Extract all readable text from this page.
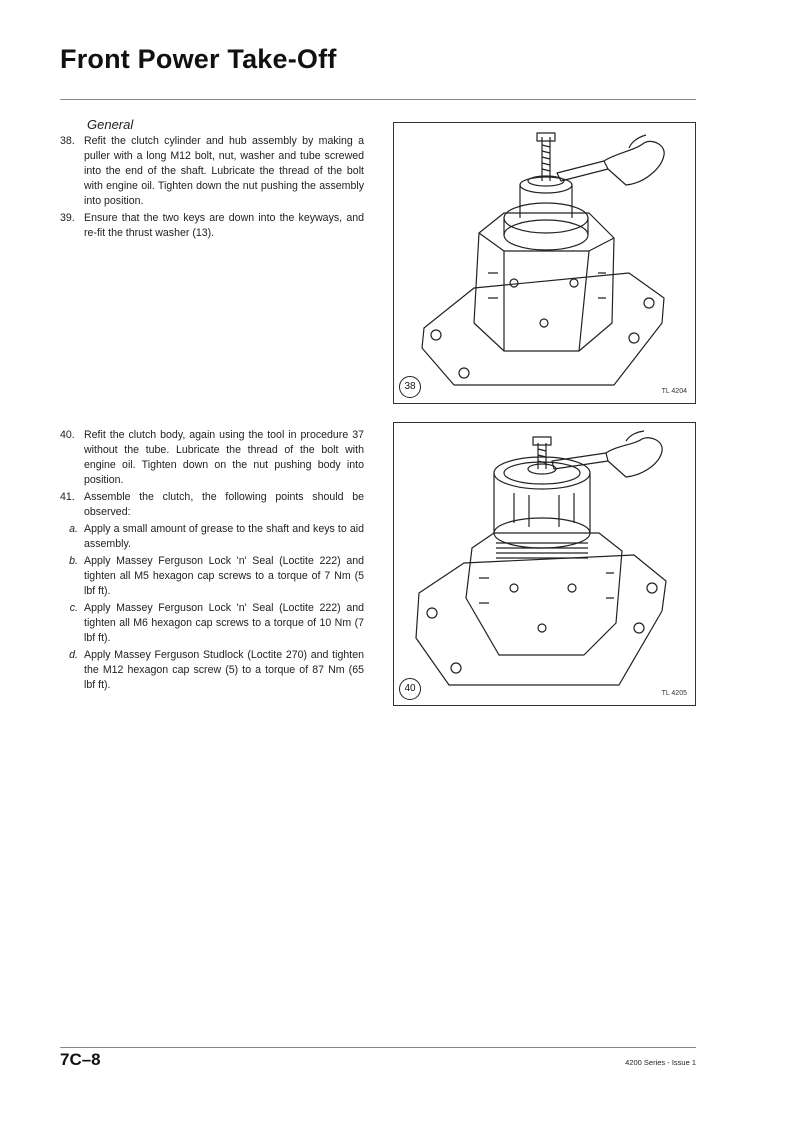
Front Power Take-Off
General
38. Refit the clutch cylinder and hub assembly by making a puller with a long M12 bolt, nut, washer and tube screwed into the end of the shaft. Lubricate the thread of the bolt with engine oil. Tighten down the nut pushing the assembly into position.
39. Ensure that the two keys are down into the keyways, and re-fit the thrust washer (13).
38	TL 4204
40. Refit the clutch body, again using the tool in procedure 37 without the tube. Lubricate the thread of the bolt with engine oil. Tighten down on the nut pushing body into position.
41. Assemble the clutch, the following points should be observed:
a. Apply a small amount of grease to the shaft and keys to aid assembly.
b. Apply Massey Ferguson Lock 'n' Seal (Loctite 222) and tighten all M5 hexagon cap screws to a torque of 7 Nm (5 lbf ft).
c. Apply Massey Ferguson Lock 'n' Seal (Loctite 222) and tighten all M6 hexagon cap screws to a torque of 10 Nm (7 lbf ft).
d. Apply Massey Ferguson Studlock (Loctite 270) and tighten the M12 hexagon cap screw (5) to a torque of 87 Nm (65 lbf ft).	40	TL 4205
7C–8	4200 Series - Issue 1
